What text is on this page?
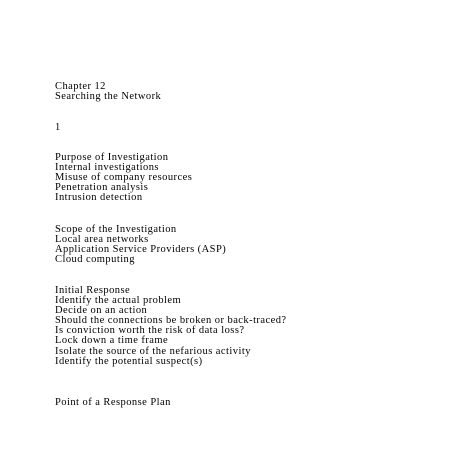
Chapter 12
Searching the Network
1
Purpose of Investigation
Internal investigations
Misuse of company resources
Penetration analysis
Intrusion detection
Scope of the Investigation
Local area networks
Application Service Providers (ASP)
Cloud computing
Initial Response
Identify the actual problem
Decide on an action
Should the connections be broken or back-traced?
Is conviction worth the risk of data loss?
Lock down a time frame
Isolate the source of the nefarious activity
Identify the potential suspect(s)
Point of a Response Plan
